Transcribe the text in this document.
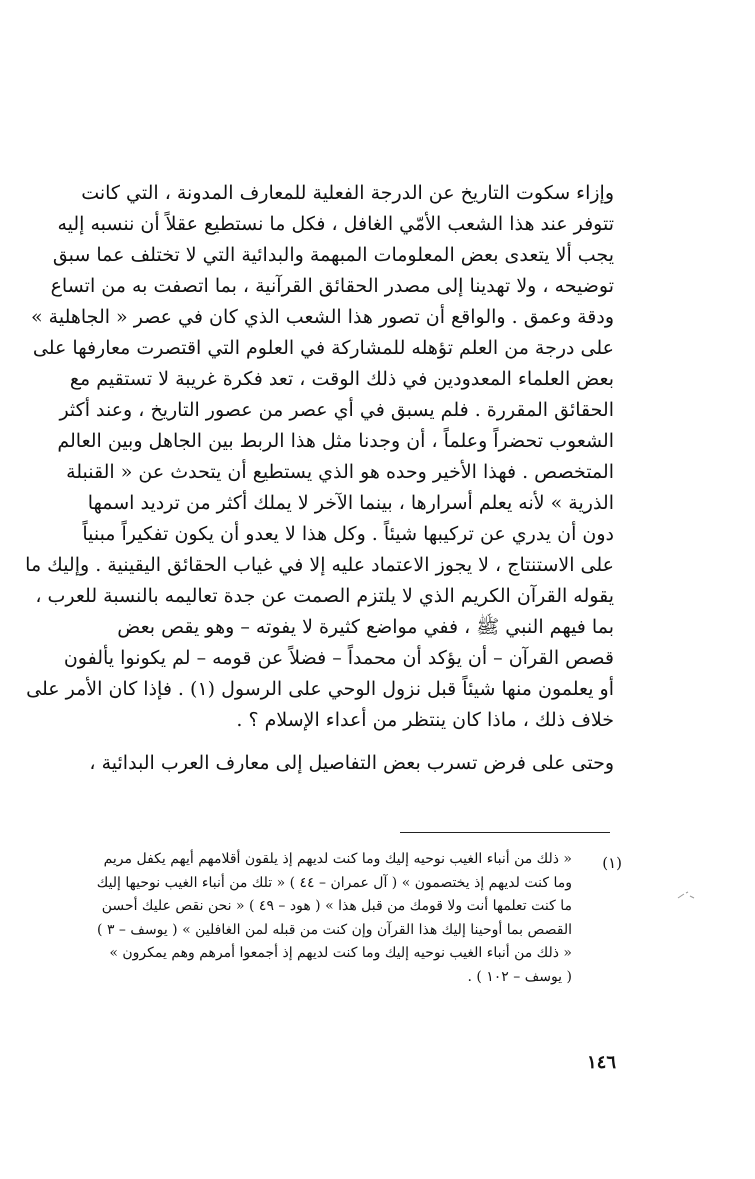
وإزاء سكوت التاريخ عن الدرجة الفعلية للمعارف المدونة ، التي كانت
تتوفر عند هذا الشعب الأمّي الغافل ، فكل ما نستطيع عقلاً أن ننسبه إليه
يجب ألا يتعدى بعض المعلومات المبهمة والبدائية التي لا تختلف عما سبق
توضيحه ، ولا تهدينا إلى مصدر الحقائق القرآنية ، بما اتصفت به من اتساع
ودقة وعمق . والواقع أن تصور هذا الشعب الذي كان في عصر « الجاهلية »
على درجة من العلم تؤهله للمشاركة في العلوم التي اقتصرت معارفها على
بعض العلماء المعدودين في ذلك الوقت ، تعد فكرة غريبة لا تستقيم مع
الحقائق المقررة . فلم يسبق في أي عصر من عصور التاريخ ، وعند أكثر
الشعوب تحضراً وعلماً ، أن وجدنا مثل هذا الربط بين الجاهل وبين العالم
المتخصص . فهذا الأخير وحده هو الذي يستطيع أن يتحدث عن « القنبلة
الذرية » لأنه يعلم أسرارها ، بينما الآخر لا يملك أكثر من ترديد اسمها
دون أن يدري عن تركيبها شيئاً . وكل هذا لا يعدو أن يكون تفكيراً مبنياً
على الاستنتاج ، لا يجوز الاعتماد عليه إلا في غياب الحقائق اليقينية . وإليك ما
يقوله القرآن الكريم الذي لا يلتزم الصمت عن جدة تعاليمه بالنسبة للعرب ،
بما فيهم النبي ﷺ ، ففي مواضع كثيرة لا يفوته – وهو يقص بعض
قصص القرآن – أن يؤكد أن محمداً – فضلاً عن قومه – لم يكونوا يألفون
أو يعلمون منها شيئاً قبل نزول الوحي على الرسول (١) . فإذا كان الأمر على
خلاف ذلك ، ماذا كان ينتظر من أعداء الإسلام ؟ .
وحتى على فرض تسرب بعض التفاصيل إلى معارف العرب البدائية ،
(١)
« ذلك من أنباء الغيب نوحيه إليك وما كنت لديهم إذ يلقون أقلامهم أيهم يكفل مريم
وما كنت لديهم إذ يختصمون » ( آل عمران – ٤٤ ) « تلك من أنباء الغيب نوحيها إليك
ما كنت تعلمها أنت ولا قومك من قبل هذا » ( هود – ٤٩ ) « نحن نقص عليك أحسن
القصص بما أوحينا إليك هذا القرآن وإن كنت من قبله لمن الغافلين » ( يوسف – ٣ )
« ذلك من أنباء الغيب نوحيه إليك وما كنت لديهم إذ أجمعوا أمرهم وهم يمكرون »
( يوسف – ١٠٢ ) .
١٤٦
